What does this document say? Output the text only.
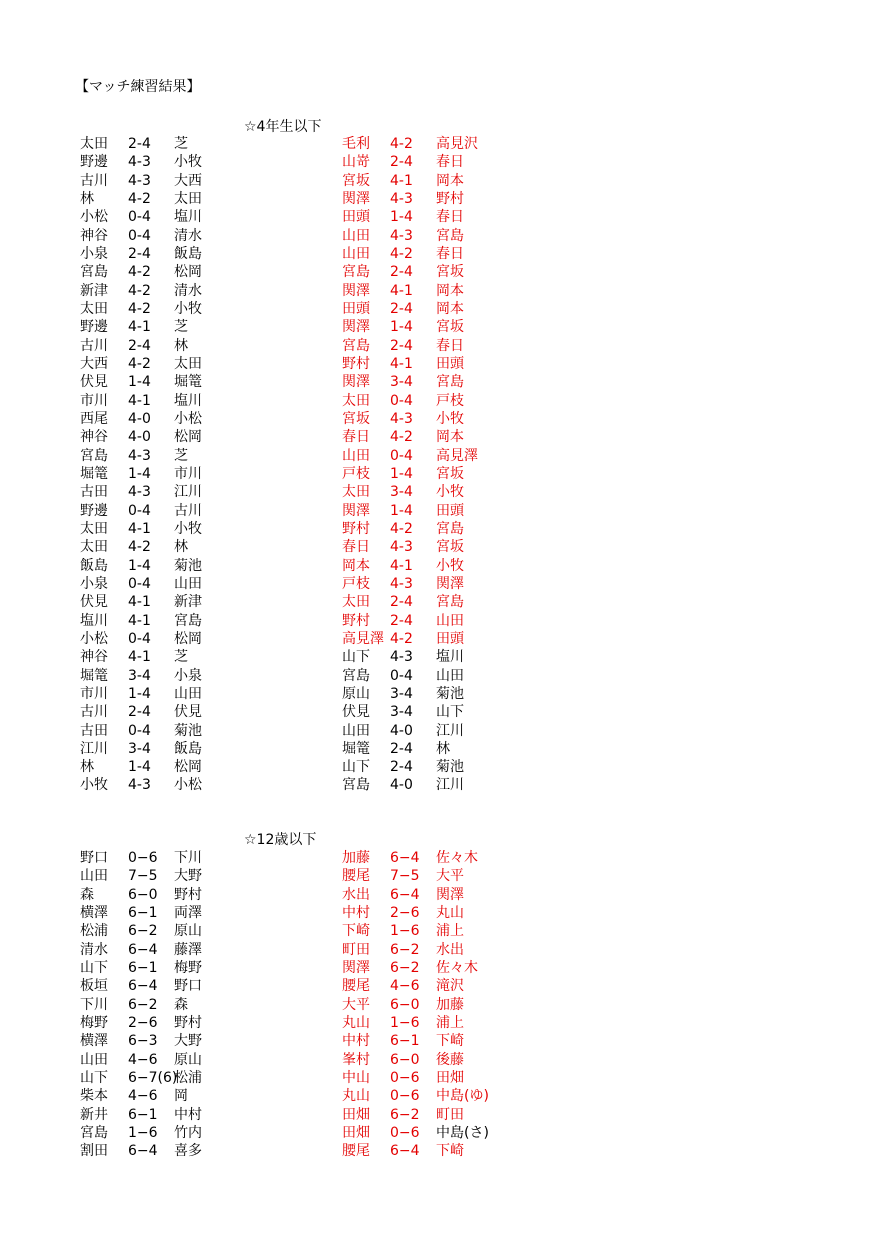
【マッチ練習結果】
☆4年生以下
太田 2-4 芝
野邊 4-3 小牧
古川 4-3 大西
林 4-2 太田
小松 0-4 塩川
神谷 0-4 清水
小泉 2-4 飯島
宮島 4-2 松岡
新津 4-2 清水
太田 4-2 小牧
野邊 4-1 芝
古川 2-4 林
大西 4-2 太田
伏見 1-4 堀篭
市川 4-1 塩川
西尾 4-0 小松
神谷 4-0 松岡
宮島 4-3 芝
堀篭 1-4 市川
古田 4-3 江川
野邊 0-4 古川
太田 4-1 小牧
太田 4-2 林
飯島 1-4 菊池
小泉 0-4 山田
伏見 4-1 新津
塩川 4-1 宮島
小松 0-4 松岡
神谷 4-1 芝
堀篭 3-4 小泉
市川 1-4 山田
古川 2-4 伏見
古田 0-4 菊池
江川 3-4 飯島
林 1-4 松岡
小牧 4-3 小松
毛利 4-2 高見沢
山嵜 2-4 春日
宮坂 4-1 岡本
関澤 4-3 野村
田頭 1-4 春日
山田 4-3 宮島
山田 4-2 春日
宮島 2-4 宮坂
関澤 4-1 岡本
田頭 2-4 岡本
関澤 1-4 宮坂
宮島 2-4 春日
野村 4-1 田頭
関澤 3-4 宮島
太田 0-4 戸枝
宮坂 4-3 小牧
春日 4-2 岡本
山田 0-4 高見澤
戸枝 1-4 宮坂
太田 3-4 小牧
関澤 1-4 田頭
野村 4-2 宮島
春日 4-3 宮坂
岡本 4-1 小牧
戸枝 4-3 関澤
太田 2-4 宮島
野村 2-4 山田
高見澤 4-2 田頭
山下 4-3 塩川
宮島 0-4 山田
原山 3-4 菊池
伏見 3-4 山下
山田 4-0 江川
堀篭 2-4 林
山下 2-4 菊池
宮島 4-0 江川
☆12歳以下
野口 0−6 下川
山田 7−5 大野
森 6−0 野村
横澤 6−1 両澤
松浦 6−2 原山
清水 6−4 藤澤
山下 6−1 梅野
板垣 6−4 野口
下川 6−2 森
梅野 2−6 野村
横澤 6−3 大野
山田 4−6 原山
山下 6−7(6)
松浦
柴本 4−6 岡
新井 6−1 中村
宮島 1−6 竹内
割田 6−4 喜多
加藤 6−4 佐々木
腰尾 7−5 大平
水出 6−4 関澤
中村 2−6 丸山
下崎 1−6 浦上
町田 6−2 水出
関澤 6−2 佐々木
腰尾 4−6 滝沢
大平 6−0 加藤
丸山 1−6 浦上
中村 6−1 下崎
峯村 6−0 後藤
中山 0−6 田畑
丸山 0−6 中島(ゆ)
田畑 6−2 町田
田畑 0−6 中島(さ)
腰尾 6−4 下崎
